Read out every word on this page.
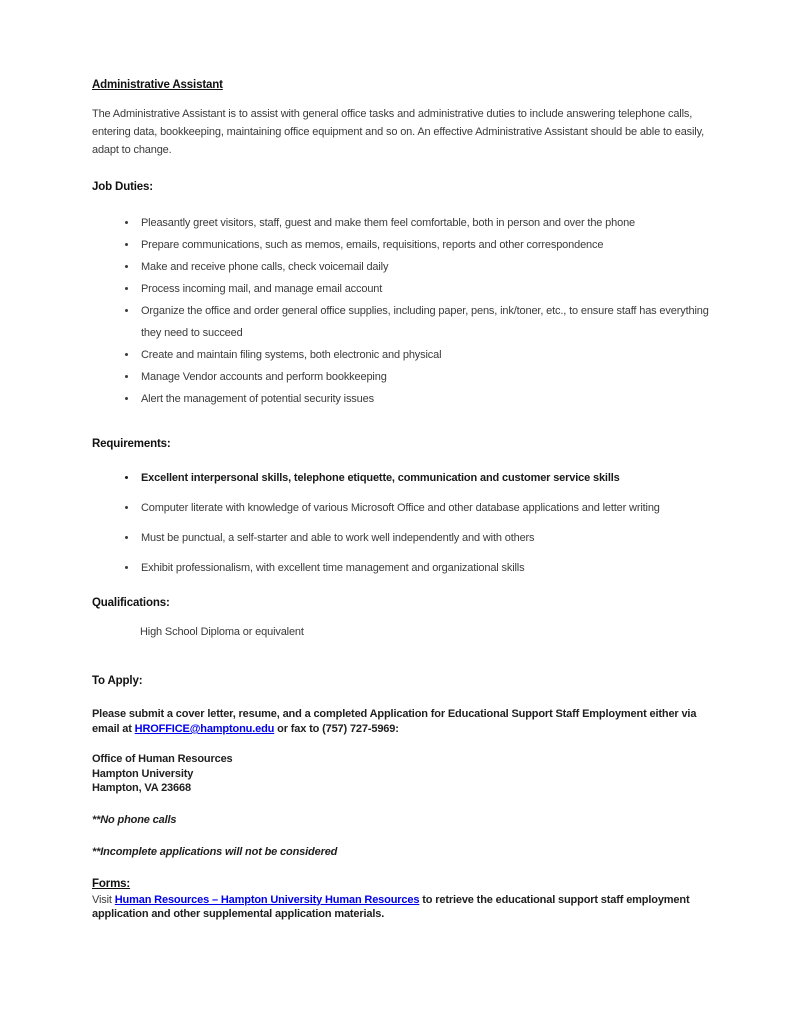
Administrative Assistant

The Administrative Assistant is to assist with general office tasks and administrative duties to include answering telephone calls, entering data, bookkeeping, maintaining office equipment and so on. An effective Administrative Assistant should be able to easily, adapt to change.

Job Duties:
• Pleasantly greet visitors, staff, guest and make them feel comfortable, both in person and over the phone
• Prepare communications, such as memos, emails, requisitions, reports and other correspondence
• Make and receive phone calls, check voicemail daily
• Process incoming mail, and manage email account
• Organize the office and order general office supplies, including paper, pens, ink/toner, etc., to ensure staff has everything they need to succeed
• Create and maintain filing systems, both electronic and physical
• Manage Vendor accounts and perform bookkeeping
• Alert the management of potential security issues
Requirements:
• Excellent interpersonal skills, telephone etiquette, communication and customer service skills
• Computer literate with knowledge of various Microsoft Office and other database applications and letter writing
• Must be punctual, a self-starter and able to work well independently and with others
• Exhibit professionalism, with excellent time management and organizational skills
Qualifications:

High School Diploma or equivalent

To Apply:

Please submit a cover letter, resume, and a completed Application for Educational Support Staff Employment either via email at HROFFICE@hamptonu.edu or fax to (757) 727-5969:

Office of Human Resources
Hampton University
Hampton, VA 23668

**No phone calls

**Incomplete applications will not be considered

Forms:

Visit Human Resources – Hampton University Human Resources to retrieve the educational support staff employment application and other supplemental application materials.
